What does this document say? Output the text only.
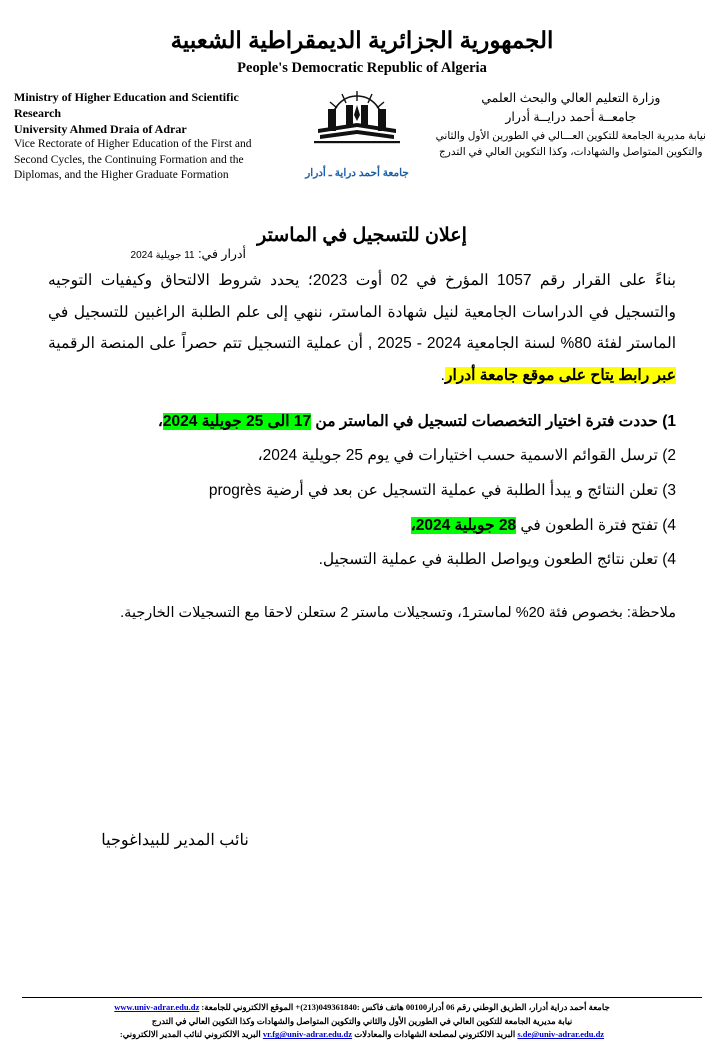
الجمهورية الجزائرية الديمقراطية الشعبية
People's Democratic Republic of Algeria
Ministry of Higher Education and Scientific Research
University Ahmed Draia of Adrar
Vice Rectorate of Higher Education of the First and Second Cycles, the Continuing Formation and the Diplomas, and the Higher Graduate Formation	جامعة أحمد دراية ـ أدرار
وزارة التعليم العالي والبحث العلمي
جامعــة أحمد درايــة أدرار
نيابة مديرية الجامعة للتكوين العـــالي في الطورين الأول والثاني
والتكوين المتواصل والشهادات، وكذا التكوين العالي في التدرج
أدرار في: 11 جويلية 2024
إعلان للتسجيل في الماستر

بناءً على القرار رقم 1057 المؤرخ في 02 أوت 2023؛ يحدد شروط الالتحاق وكيفيات التوجيه والتسجيل في الدراسات الجامعية لنيل شهادة الماستر، ننهي إلى علم الطلبة الراغبين للتسجيل في الماستر لفئة 80% لسنة الجامعية 2024 - 2025 , أن عملية التسجيل تتم حصراً على المنصة الرقمية عبر رابط يتاح على موقع جامعة أدرار.

1) حددت فترة اختيار التخصصات لتسجيل في الماستر من 17 الى 25 جويلية 2024،
2) ترسل القوائم الاسمية حسب اختيارات في يوم 25 جويلية 2024،
3) تعلن النتائج و يبدأ الطلبة في عملية التسجيل عن بعد في أرضية progrès
4) تفتح فترة الطعون في 28 جويلية 2024،
4) تعلن نتائج الطعون ويواصل الطلبة في عملية التسجيل.
ملاحظة: بخصوص فئة 20% لماستر1، وتسجيلات ماستر 2 ستعلن لاحقا مع التسجيلات الخارجية.
نائب المدير للبيداغوجيا
جامعة أحمد دراية أدرار، الطريق الوطني رقم 06 أدرار00100 هاتف فاكس :049361840(213)+ الموقع الالكتروني للجامعة: www.univ-adrar.edu.dz
نيابة مديرية الجامعة للتكوين العالي في الطورين الأول والثاني والتكوين المتواصل والشهادات وكذا التكوين العالي في التدرج
s.de@univ-adrar.edu.dz البريد الالكتروني لمصلحة الشهادات والمعادلات vr.fg@univ-adrar.edu.dz البريد الالكتروني لنائب المدير الالكتروني:
